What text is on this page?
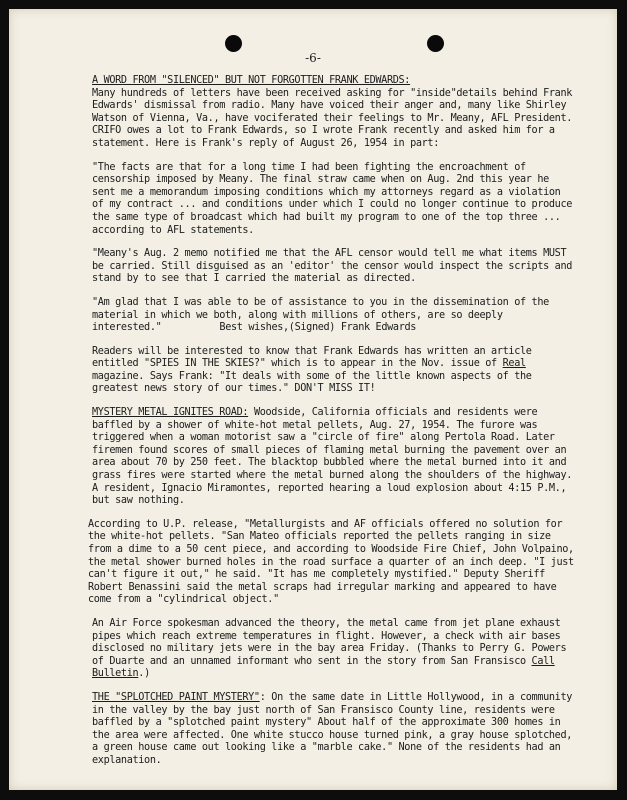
-6-

A WORD FROM "SILENCED" BUT NOT FORGOTTEN FRANK EDWARDS:
Many hundreds of letters have been received asking for "inside"details behind Frank Edwards' dismissal from radio. Many have voiced their anger and, many like Shirley Watson of Vienna, Va., have vociferated their feelings to Mr. Meany, AFL President. CRIFO owes a lot to Frank Edwards, so I wrote Frank recently and asked him for a statement. Here is Frank's reply of August 26, 1954 in part:

"The facts are that for a long time I had been fighting the encroachment of censorship imposed by Meany. The final straw came when on Aug. 2nd this year he sent me a memorandum imposing conditions which my attorneys regard as a violation of my contract ... and conditions under which I could no longer continue to produce the same type of broadcast which had built my program to one of the top three ... according to AFL statements.

"Meany's Aug. 2 memo notified me that the AFL censor would tell me what items MUST be carried. Still disguised as an 'editor' the censor would inspect the scripts and stand by to see that I carried the material as directed.

"Am glad that I was able to be of assistance to you in the dissemination of the material in which we both, along with millions of others, are so deeply interested."	Best wishes,(Signed) Frank Edwards

Readers will be interested to know that Frank Edwards has written an article entitled "SPIES IN THE SKIES?" which is to appear in the Nov. issue of Real magazine. Says Frank: "It deals with some of the little known aspects of the greatest news story of our times." DON'T MISS IT!

MYSTERY METAL IGNITES ROAD: Woodside, California officials and residents were baffled by a shower of white-hot metal pellets, Aug. 27, 1954. The furore was triggered when a woman motorist saw a "circle of fire" along Pertola Road. Later firemen found scores of small pieces of flaming metal burning the pavement over an area about 70 by 250 feet. The blacktop bubbled where the metal burned into it and grass fires were started where the metal burned along the shoulders of the highway. A resident, Ignacio Miramontes, reported hearing a loud explosion about 4:15 P.M., but saw nothing.

According to U.P. release, "Metallurgists and AF officials offered no solution for the white-hot pellets. "San Mateo officials reported the pellets ranging in size from a dime to a 50 cent piece, and according to Woodside Fire Chief, John Volpaino, the metal shower burned holes in the road surface a quarter of an inch deep. "I just can't figure it out," he said. "It has me completely mystified." Deputy Sheriff Robert Benassini said the metal scraps had irregular marking and appeared to have come from a "cylindrical object."

An Air Force spokesman advanced the theory, the metal came from jet plane exhaust pipes which reach extreme temperatures in flight. However, a check with air bases disclosed no military jets were in the bay area Friday. (Thanks to Perry G. Powers of Duarte and an unnamed informant who sent in the story from San Fransisco Call Bulletin.)

THE "SPLOTCHED PAINT MYSTERY": On the same date in Little Hollywood, in a community in the valley by the bay just north of San Fransisco County line, residents were baffled by a "splotched paint mystery" About half of the approximate 300 homes in the area were affected. One white stucco house turned pink, a gray house splotched, a green house came out looking like a "marble cake." None of the residents had an explanation.
